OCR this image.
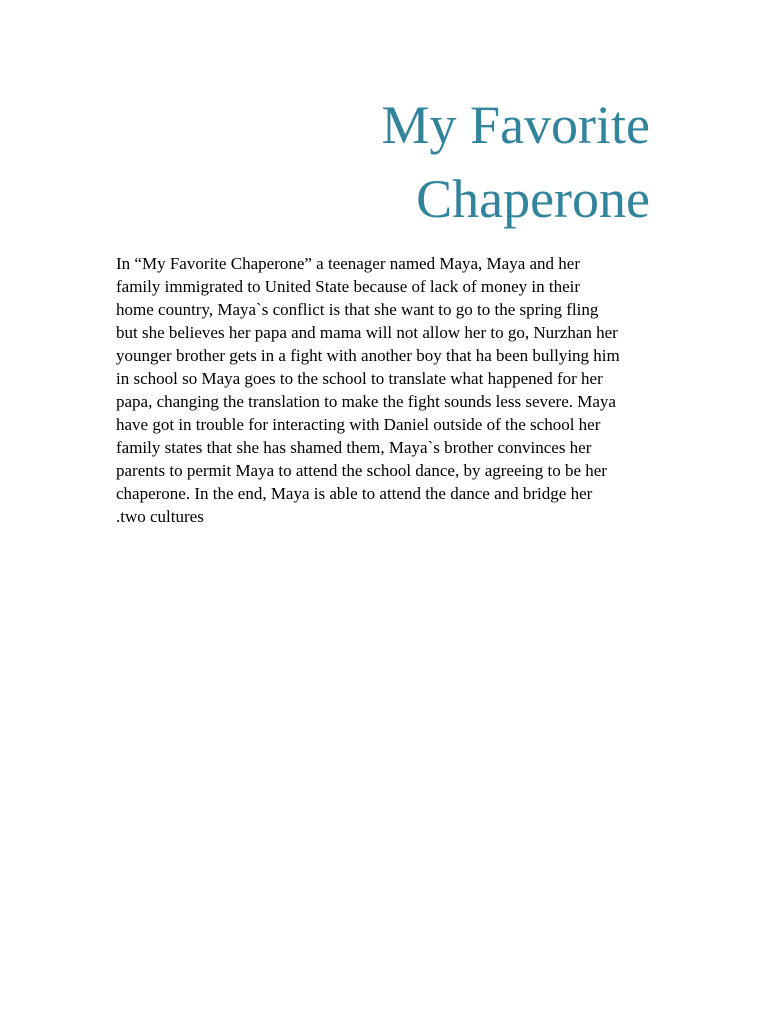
My Favorite
Chaperone
In “My Favorite Chaperone” a teenager named Maya, Maya and her
family immigrated to United State because of lack of money in their
home country, Maya`s conflict is that she want to go to the spring fling
but she believes her papa and mama will not allow her to go, Nurzhan her
younger brother gets in a fight with another boy that ha been bullying him
in school so Maya goes to the school to translate what happened for her
papa, changing the translation to make the fight sounds less severe. Maya
have got in trouble for interacting with Daniel outside of the school her
family states that she has shamed them, Maya`s brother convinces her
parents to permit Maya to attend the school dance, by agreeing to be her
chaperone. In the end, Maya is able to attend the dance and bridge her
.two cultures
